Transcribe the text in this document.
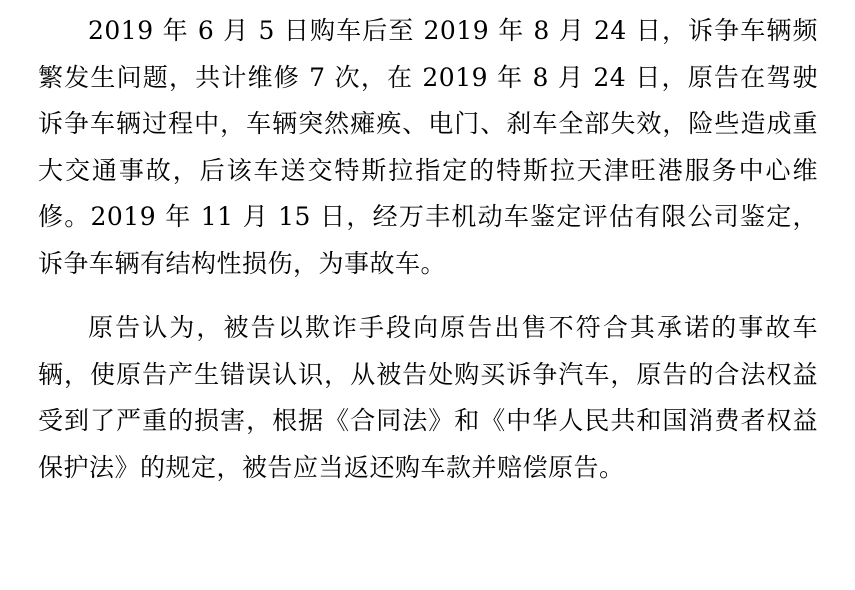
2019 年 6 月 5 日购车后至 2019 年 8 月 24 日，诉争车辆频繁发生问题，共计维修 7 次，在 2019 年 8 月 24 日，原告在驾驶诉争车辆过程中，车辆突然瘫痪、电门、刹车全部失效，险些造成重大交通事故，后该车送交特斯拉指定的特斯拉天津旺港服务中心维修。2019 年 11 月 15 日，经万丰机动车鉴定评估有限公司鉴定，诉争车辆有结构性损伤，为事故车。

原告认为，被告以欺诈手段向原告出售不符合其承诺的事故车辆，使原告产生错误认识，从被告处购买诉争汽车，原告的合法权益受到了严重的损害，根据《合同法》和《中华人民共和国消费者权益保护法》的规定，被告应当返还购车款并赔偿原告。
